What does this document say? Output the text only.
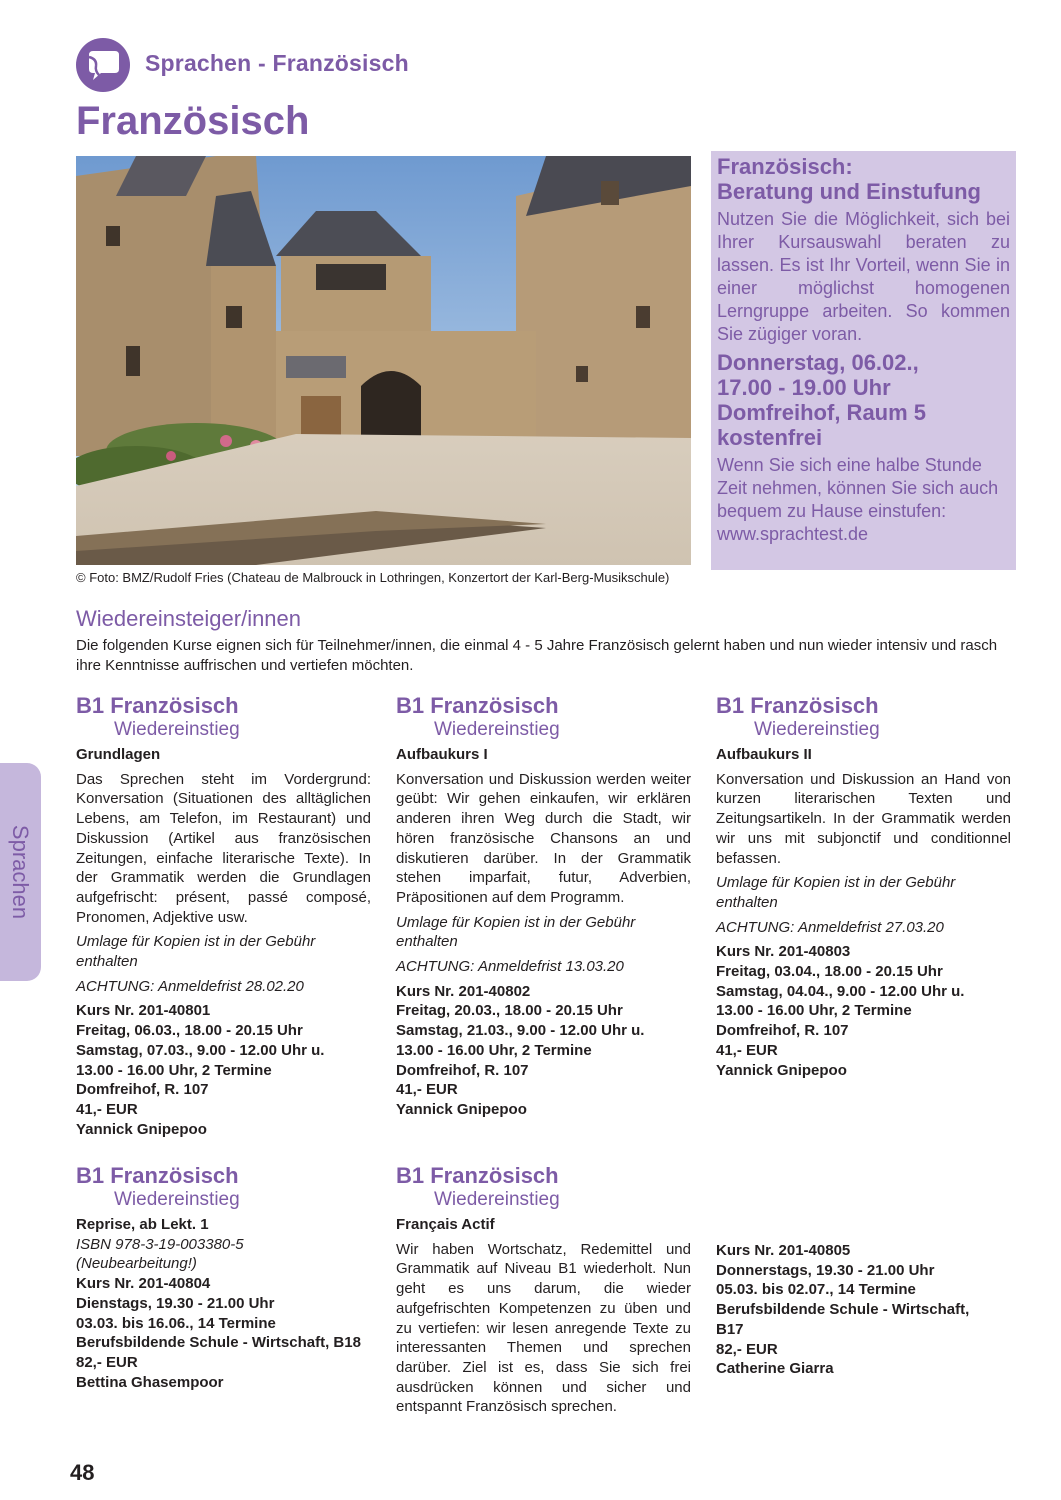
Sprachen - Französisch
Französisch
© Foto: BMZ/Rudolf Fries (Chateau de Malbrouck in Lothringen, Konzertort der Karl-Berg-Musikschule)
Französisch:
Beratung und Einstufung
Nutzen Sie die Möglichkeit, sich bei Ihrer Kursauswahl beraten zu lassen. Es ist Ihr Vorteil, wenn Sie in einer möglichst homogenen Lerngruppe arbeiten. So kommen Sie zügiger voran.
Donnerstag, 06.02.,
17.00 - 19.00 Uhr
Domfreihof, Raum 5
kostenfrei
Wenn Sie sich eine halbe Stunde Zeit nehmen, können Sie sich auch bequem zu Hause einstufen:
www.sprachtest.de
Wiedereinsteiger/innen
Die folgenden Kurse eignen sich für Teilnehmer/innen, die einmal 4 - 5 Jahre Französisch gelernt haben und nun wieder intensiv und rasch ihre Kenntnisse auffrischen und vertiefen möchten.
B1 Französisch
Wiedereinstieg
Grundlagen
Das Sprechen steht im Vordergrund: Konversation (Situationen des alltäglichen Lebens, am Telefon, im Restaurant) und Diskussion (Artikel aus französischen Zeitungen, einfache literarische Texte). In der Grammatik werden die Grundlagen aufgefrischt: présent, passé composé, Pronomen, Adjektive usw.
Umlage für Kopien ist in der Gebühr enthalten
ACHTUNG: Anmeldefrist 28.02.20
Kurs Nr. 201-40801
Freitag, 06.03., 18.00 - 20.15 Uhr
Samstag, 07.03., 9.00 - 12.00 Uhr u.
13.00 - 16.00 Uhr, 2 Termine
Domfreihof, R. 107
41,- EUR
Yannick Gnipepoo
B1 Französisch
Wiedereinstieg
Aufbaukurs I
Konversation und Diskussion werden weiter geübt: Wir gehen einkaufen, wir erklären anderen ihren Weg durch die Stadt, wir hören französische Chansons an und diskutieren darüber. In der Grammatik stehen imparfait, futur, Adverbien, Präpositionen auf dem Programm.
Umlage für Kopien ist in der Gebühr enthalten
ACHTUNG: Anmeldefrist 13.03.20
Kurs Nr. 201-40802
Freitag, 20.03., 18.00 - 20.15 Uhr
Samstag, 21.03., 9.00 - 12.00 Uhr u.
13.00 - 16.00 Uhr, 2 Termine
Domfreihof, R. 107
41,- EUR
Yannick Gnipepoo
B1 Französisch
Wiedereinstieg
Aufbaukurs II
Konversation und Diskussion an Hand von kurzen literarischen Texten und Zeitungsartikeln. In der Grammatik werden wir uns mit subjonctif und conditionnel befassen.
Umlage für Kopien ist in der Gebühr enthalten
ACHTUNG: Anmeldefrist 27.03.20
Kurs Nr. 201-40803
Freitag, 03.04., 18.00 - 20.15 Uhr
Samstag, 04.04., 9.00 - 12.00 Uhr u.
13.00 - 16.00 Uhr, 2 Termine
Domfreihof, R. 107
41,- EUR
Yannick Gnipepoo
B1 Französisch
Wiedereinstieg
Reprise, ab Lekt. 1
ISBN 978-3-19-003380-5
(Neubearbeitung!)
Kurs Nr. 201-40804
Dienstags, 19.30 - 21.00 Uhr
03.03. bis 16.06., 14 Termine
Berufsbildende Schule - Wirtschaft, B18
82,- EUR
Bettina Ghasempoor
B1 Französisch
Wiedereinstieg
Français Actif
Wir haben Wortschatz, Redemittel und Grammatik auf Niveau B1 wiederholt. Nun geht es uns darum, die wieder aufgefrischten Kompetenzen zu üben und zu vertiefen: wir lesen anregende Texte zu interessanten Themen und sprechen darüber. Ziel ist es, dass Sie sich frei ausdrücken können und sicher und entspannt Französisch sprechen.
Kurs Nr. 201-40805
Donnerstags, 19.30 - 21.00 Uhr
05.03. bis 02.07., 14 Termine
Berufsbildende Schule - Wirtschaft,
B17
82,- EUR
Catherine Giarra
Sprachen
48
